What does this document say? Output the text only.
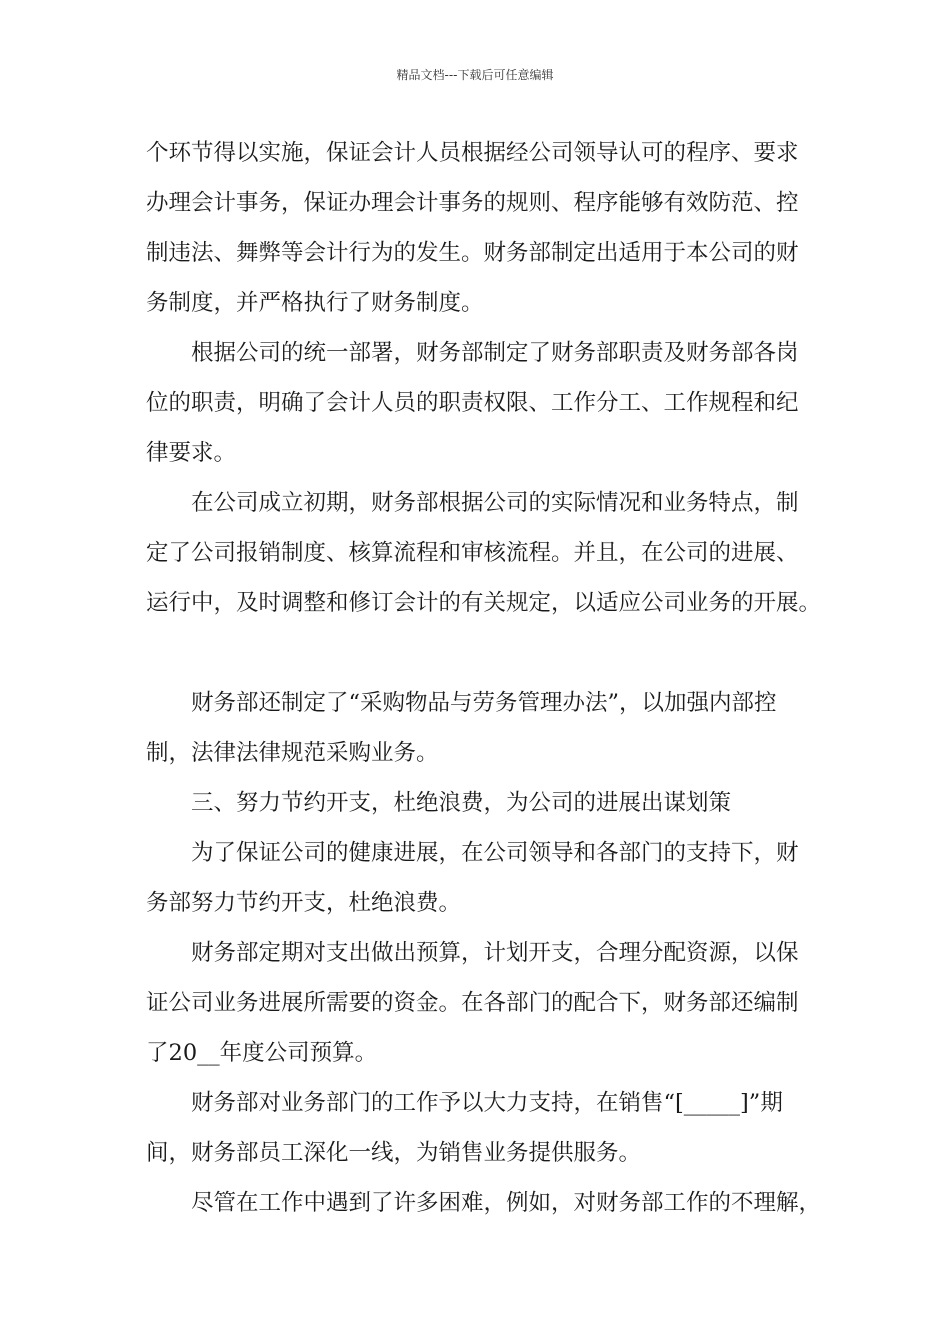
精品文档---下载后可任意编辑
个环节得以实施，保证会计人员根据经公司领导认可的程序、要求
办理会计事务，保证办理会计事务的规则、程序能够有效防范、控
制违法、舞弊等会计行为的发生。财务部制定出适用于本公司的财
务制度，并严格执行了财务制度。
根据公司的统一部署，财务部制定了财务部职责及财务部各岗
位的职责，明确了会计人员的职责权限、工作分工、工作规程和纪
律要求。
在公司成立初期，财务部根据公司的实际情况和业务特点，制
定了公司报销制度、核算流程和审核流程。并且，在公司的进展、
运行中，及时调整和修订会计的有关规定，以适应公司业务的开展。
财务部还制定了“采购物品与劳务管理办法”，以加强内部控
制，法律法律规范采购业务。
三、努力节约开支，杜绝浪费，为公司的进展出谋划策
为了保证公司的健康进展，在公司领导和各部门的支持下，财
务部努力节约开支，杜绝浪费。
财务部定期对支出做出预算，计划开支，合理分配资源，以保
证公司业务进展所需要的资金。在各部门的配合下，财务部还编制
了20__年度公司预算。
财务部对业务部门的工作予以大力支持，在销售“[_____]”期
间，财务部员工深化一线，为销售业务提供服务。
尽管在工作中遇到了许多困难，例如，对财务部工作的不理解，
